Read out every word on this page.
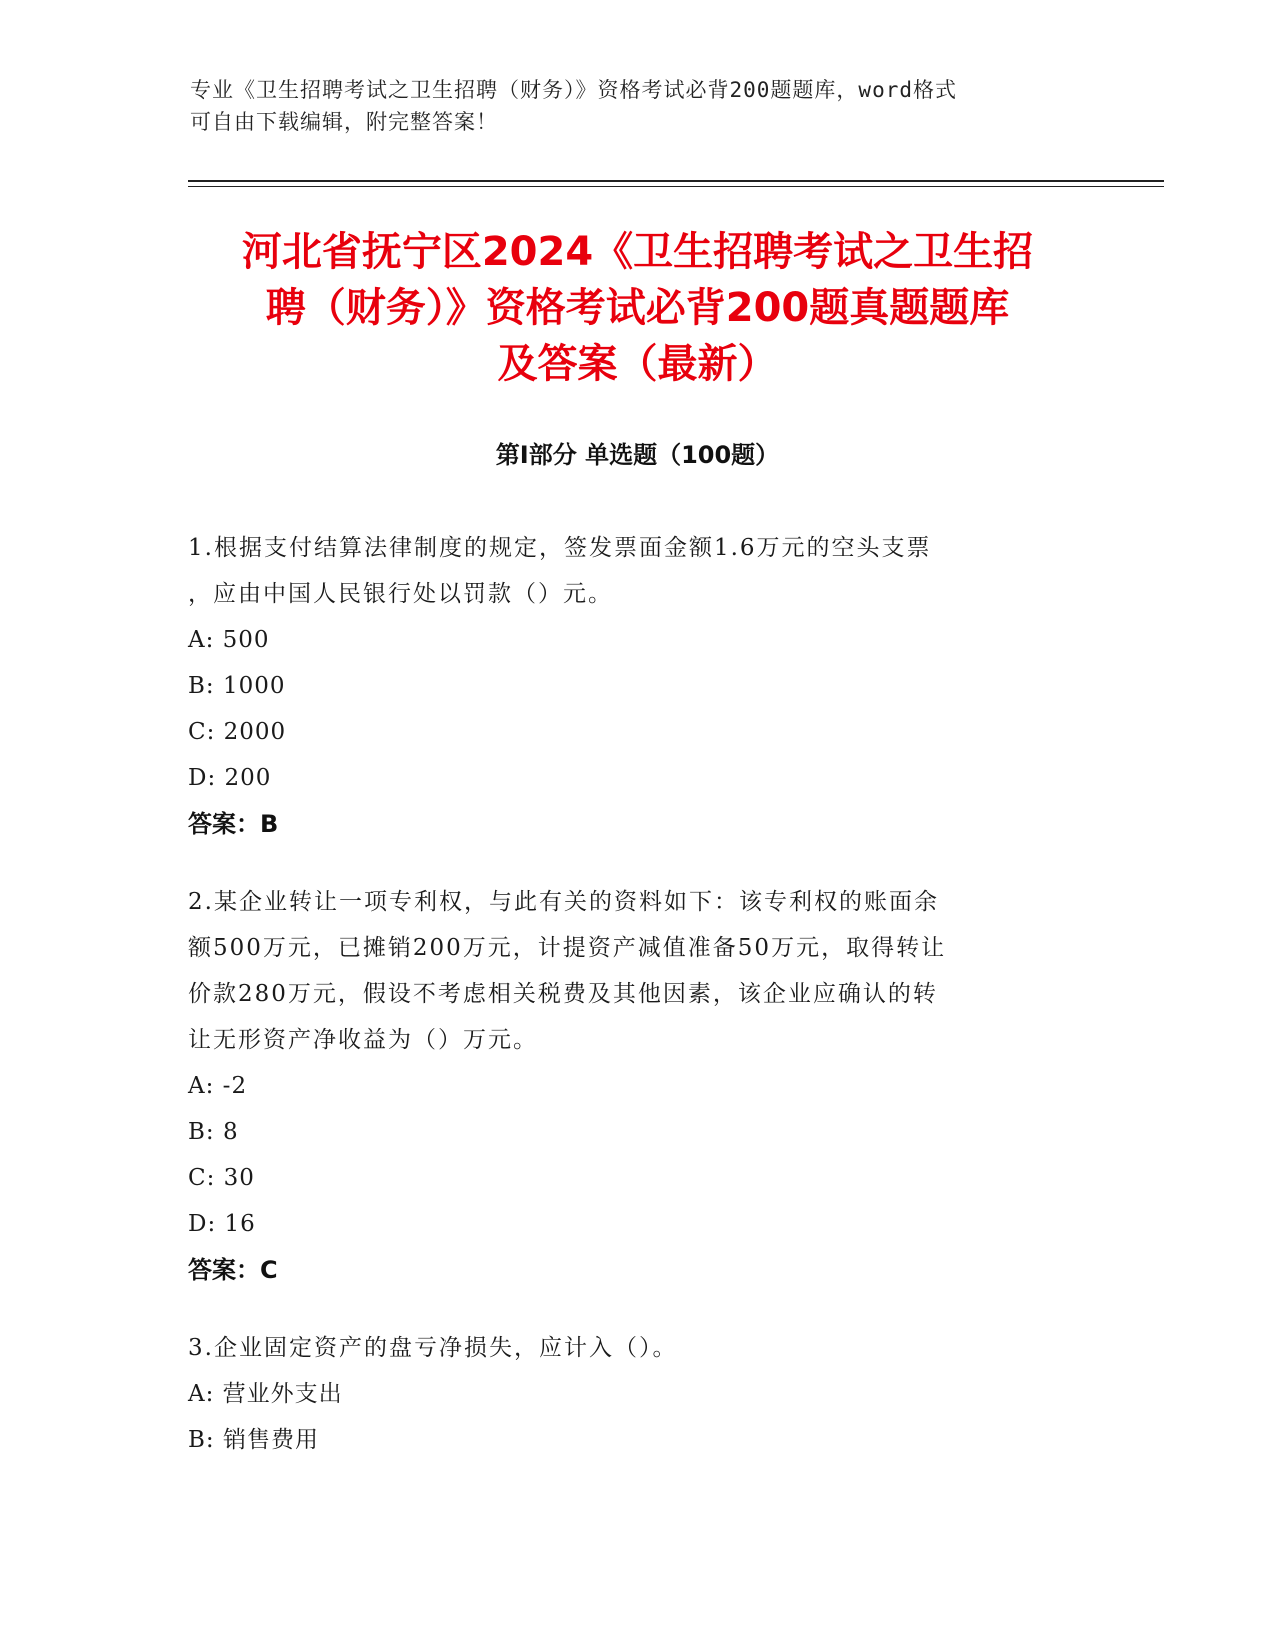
专业《卫生招聘考试之卫生招聘（财务）》资格考试必背200题题库，word格式
可自由下载编辑，附完整答案！
河北省抚宁区2024《卫生招聘考试之卫生招
聘（财务）》资格考试必背200题真题题库
及答案（最新）
第I部分 单选题（100题）
1.根据支付结算法律制度的规定，签发票面金额1.6万元的空头支票
，应由中国人民银行处以罚款（）元。
A: 500
B: 1000
C: 2000
D: 200
答案：B
2.某企业转让一项专利权，与此有关的资料如下：该专利权的账面余
额500万元，已摊销200万元，计提资产减值准备50万元，取得转让
价款280万元，假设不考虑相关税费及其他因素，该企业应确认的转
让无形资产净收益为（）万元。
A: -2
B: 8
C: 30
D: 16
答案：C
3.企业固定资产的盘亏净损失，应计入（）。
A: 营业外支出
B: 销售费用
